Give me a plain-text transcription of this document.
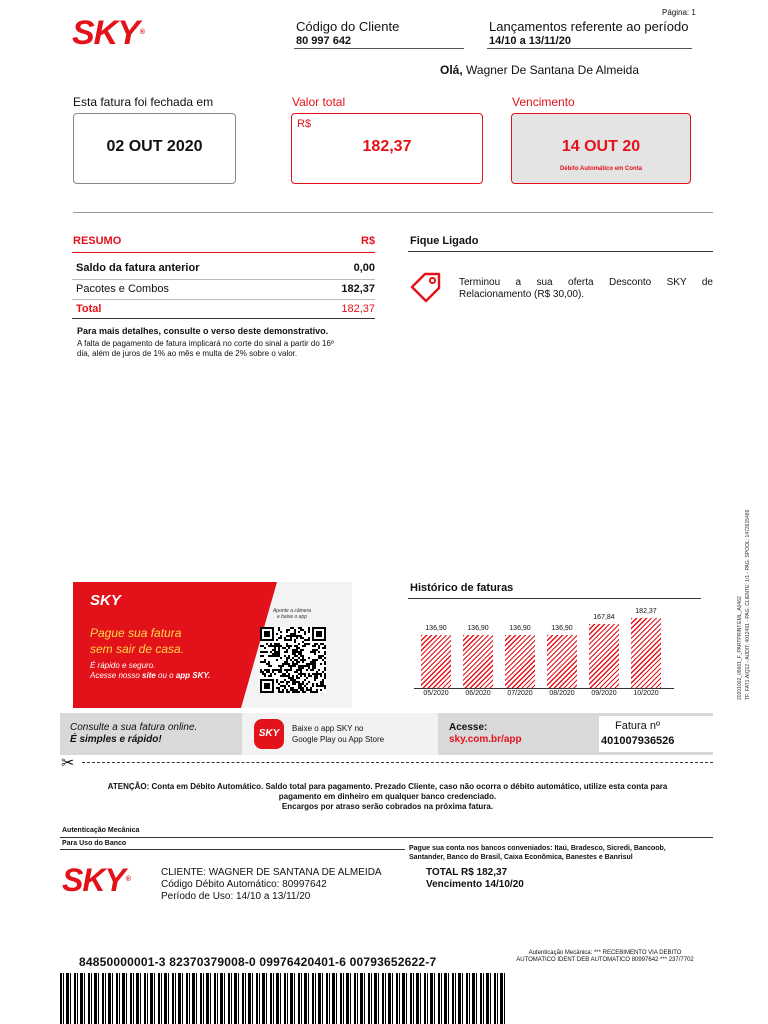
SKY®
Página: 1
Código do Cliente
80 997 642
Lançamentos referente ao período
14/10 a 13/11/20
Olá, Wagner De Santana De Almeida
Esta fatura foi fechada em
02 OUT 2020
Valor total
R$
182,37
Vencimento
14 OUT 20
Débito Automático em Conta
RESUMO	R$
Saldo da fatura anterior	0,00
Pacotes e Combos	182,37
Total	182,37
Para mais detalhes, consulte o verso deste demonstrativo.
A falta de pagamento de fatura implicará no corte do sinal a partir do 16º
dia, além de juros de 1% ao mês e multa de 2% sobre o valor.
Fique Ligado
Terminou a sua oferta Desconto SKY de
Relacionamento (R$ 30,00).
SKY
Pague sua fatura
sem sair de casa.
É rápido e seguro.
Acesse nosso site ou o app SKY.
Aponte a câmera
e baixe o app
Histórico de faturas
136,90
05/2020
136,90
06/2020
136,90
07/2020
136,90
08/2020
167,84
09/2020
182,37
10/2020
Consulte a sua fatura online.
É simples e rápido!
SKY	Baixe o app SKY no
Google Play ou App Store
Acesse:
sky.com.br/app
Fatura nº
401007936526
✂
ATENÇÃO: Conta em Débito Automático. Saldo total para pagamento. Prezado Cliente, caso não ocorra o débito automático, utilize esta conta para
pagamento em dinheiro em qualquer banco credenciado.
Encargos por atraso serão cobrados na próxima fatura.
Autenticação Mecânica
Para Uso do Banco
Pague sua conta nos bancos conveniados: Itaú, Bradesco, Sicredi, Bancoob,
Santander, Banco do Brasil, Caixa Econômica, Banestes e Banrisul
SKY®
CLIENTE: WAGNER DE SANTANA DE ALMEIDA
Código Débito Automático: 80997642
Período de Uso: 14/10 a 13/11/20
TOTAL R$ 182,37
Vencimento 14/10/20
Autenticação Mecânica: *** RECEBIMENTO VIA DEBITO
AUTOMATICO IDENT DEB AUTOMATICO 80997642 *** 237/7702
84850000001-3 82370379008-0 09976420401-6 00793652622-7
20201002_09661_F_PARTPRINT.EML_A0462 TF: FAT1.AIQ12 - AUDIT: 4012491 - PAG. CLIENTE: 1/1 - PAG. SPOOL: 1472615489
